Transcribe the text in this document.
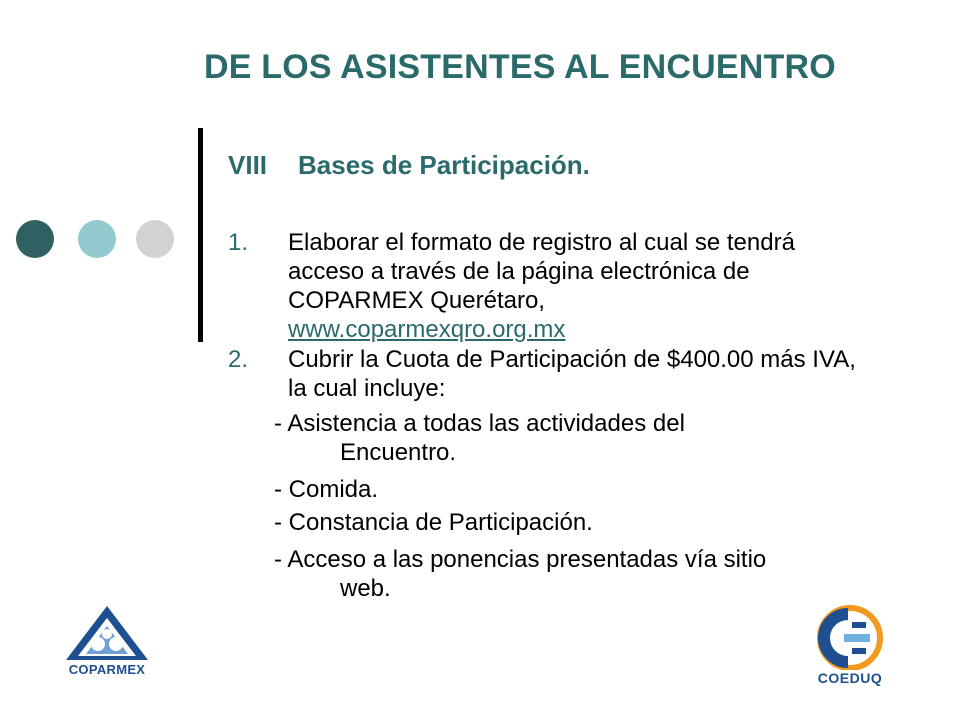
DE LOS ASISTENTES AL ENCUENTRO
VIII Bases de Participación.
1. Elaborar el formato de registro al cual se tendrá acceso a través de la página electrónica de COPARMEX Querétaro,
www.coparmexqro.org.mx
2. Cubrir la Cuota de Participación de $400.00 más IVA, la cual incluye:
- Asistencia a todas las actividades del
Encuentro.
- Comida.
- Constancia de Participación.
- Acceso a las ponencias presentadas vía sitio
web.
COPARMEX
COEDUQ
